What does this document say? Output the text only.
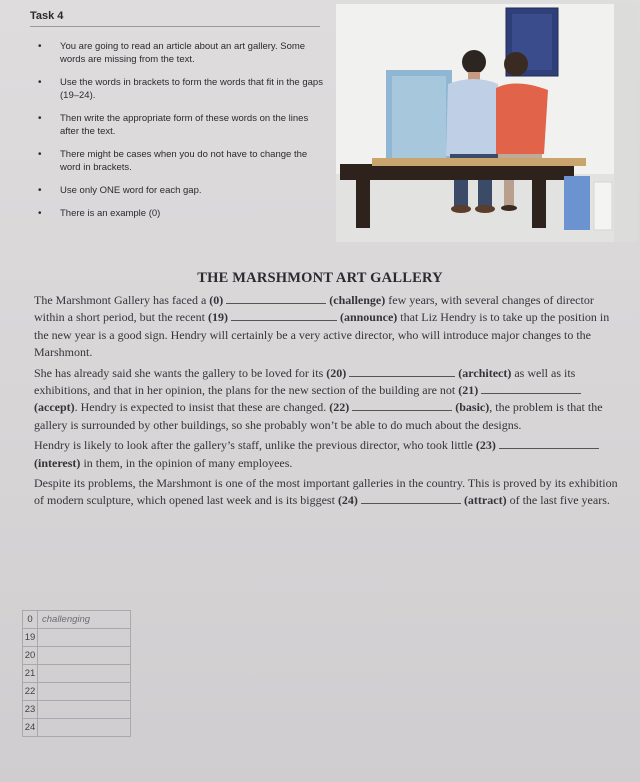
Task 4
• You are going to read an article about an art gallery. Some words are missing from the text.
• Use the words in brackets to form the words that fit in the gaps (19–24).
• Then write the appropriate form of these words on the lines after the text.
• There might be cases when you do not have to change the word in brackets.
• Use only ONE word for each gap.
• There is an example (0)
THE MARSHMONT ART GALLERY

The Marshmont Gallery has faced a (0)	(challenge) few years, with several changes of director within a short period, but the recent (19)	(announce) that Liz Hendry is to take up the position in the new year is a good sign. Hendry will certainly be a very active director, who will introduce major changes to the Marshmont.

She has already said she wants the gallery to be loved for its (20)	(architect) as well as its exhibitions, and that in her opinion, the plans for the new section of the building are not (21)  (accept). Hendry is expected to insist that these are changed. (22)	(basic), the problem is that the gallery is surrounded by other buildings, so she probably won’t be able to do much about the designs.

Hendry is likely to look after the gallery’s staff, unlike the previous director, who took little (23)  (interest) in them, in the opinion of many employees.

Despite its problems, the Marshmont is one of the most important galleries in the country. This is proved by its exhibition of modern sculpture, which opened last week and is its biggest (24)	(attract) of the last five years.

0	challenging
19	
20	
21	
22	
23	
24	
